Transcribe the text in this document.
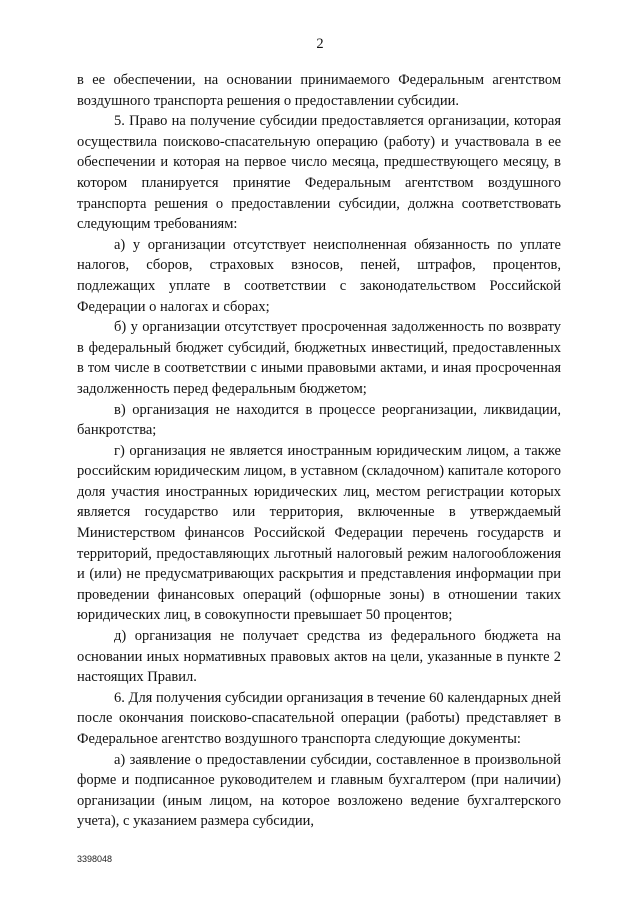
2

в ее обеспечении, на основании принимаемого Федеральным агентством воздушного транспорта решения о предоставлении субсидии.

5. Право на получение субсидии предоставляется организации, которая осуществила поисково-спасательную операцию (работу) и участвовала в ее обеспечении и которая на первое число месяца, предшествующего месяцу, в котором планируется принятие Федеральным агентством воздушного транспорта решения о предоставлении субсидии, должна соответствовать следующим требованиям:

а) у организации отсутствует неисполненная обязанность по уплате налогов, сборов, страховых взносов, пеней, штрафов, процентов, подлежащих уплате в соответствии с законодательством Российской Федерации о налогах и сборах;

б) у организации отсутствует просроченная задолженность по возврату в федеральный бюджет субсидий, бюджетных инвестиций, предоставленных в том числе в соответствии с иными правовыми актами, и иная просроченная задолженность перед федеральным бюджетом;

в) организация не находится в процессе реорганизации, ликвидации, банкротства;

г) организация не является иностранным юридическим лицом, а также российским юридическим лицом, в уставном (складочном) капитале которого доля участия иностранных юридических лиц, местом регистрации которых является государство или территория, включенные в утверждаемый Министерством финансов Российской Федерации перечень государств и территорий, предоставляющих льготный налоговый режим налогообложения и (или) не предусматривающих раскрытия и представления информации при проведении финансовых операций (офшорные зоны) в отношении таких юридических лиц, в совокупности превышает 50 процентов;

д) организация не получает средства из федерального бюджета на основании иных нормативных правовых актов на цели, указанные в пункте 2 настоящих Правил.

6. Для получения субсидии организация в течение 60 календарных дней после окончания поисково-спасательной операции (работы) представляет в Федеральное агентство воздушного транспорта следующие документы:

а) заявление о предоставлении субсидии, составленное в произвольной форме и подписанное руководителем и главным бухгалтером (при наличии) организации (иным лицом, на которое возложено ведение бухгалтерского учета), с указанием размера субсидии,

3398048
